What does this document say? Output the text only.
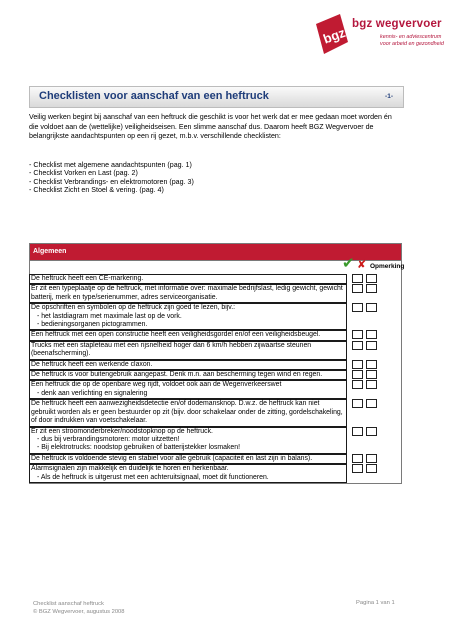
bgz
bgz wegvervoer
kennis- en adviescentrum
voor arbeid en gezondheid
Checklisten voor aanschaf van een heftruck	-1-

Veilig werken begint bij aanschaf van een heftruck die geschikt is voor het werk dat er mee gedaan moet worden én die voldoet aan de (wettelijke) veiligheidseisen. Een slimme aanschaf dus. Daarom heeft BGZ Wegvervoer de belangrijkste aandachtspunten op een rij gezet, m.b.v. verschillende checklisten:

- Checklist met algemene aandachtspunten (pag. 1)
- Checklist Vorken en Last (pag. 2)
- Checklist Verbrandings- en elektromotoren (pag. 3)
- Checklist Zicht en Stoel & vering. (pag. 4)
Algemeen
✔ ✘ Opmerking
De heftruck heeft een CE-markering.
Er zit een typeplaatje op de heftruck, met informatie over: maximale bedrijfslast, ledig gewicht, gewicht batterij, merk en type/serienummer, adres serviceorganisatie.
De opschriften en symbolen op de heftruck zijn goed te lezen, bijv.:
- het lastdiagram met maximale last op de vork.
- bedieningsorganen pictogrammen.
Een heftruck met een open constructie heeft een veiligheidsgordel en/of een veiligheidsbeugel.
Trucks met een stapleteau met een rijsnelheid hoger dan 6 km/h hebben zijwaartse steunen (beenafscherming).
De heftruck heeft een werkende claxon.
De heftruck is voor buitengebruik aangepast. Denk m.n. aan bescherming tegen wind en regen.
Een heftruck die op de openbare weg rijdt, voldoet ook aan de Wegenverkeerswet
- denk aan verlichting en signalering
De heftruck heeft een aanwezigheidsdetectie en/of dodemansknop. D.w.z. de heftruck kan niet gebruikt worden als er geen bestuurder op zit (bijv. door schakelaar onder de zitting, gordelschakeling, of door indrukken van voetschakelaar.
Er zit een stroomonderbreker/noodstopknop op de heftruck.
- dus bij verbrandingsmotoren: motor uitzetten!
- Bij elektrotrucks: noodstop gebruiken of batterijstekker losmaken!
De heftruck is voldoende stevig en stabiel voor alle gebruik (capaciteit en last zijn in balans).
Alarmsignalen zijn makkelijk en duidelijk te horen en herkenbaar.
- Als de heftruck is uitgerust met een achteruitsignaal, moet dit functioneren.
Checklist aanschaf heftruck
© BGZ Wegvervoer, augustus 2008
Pagina 1 van 1
